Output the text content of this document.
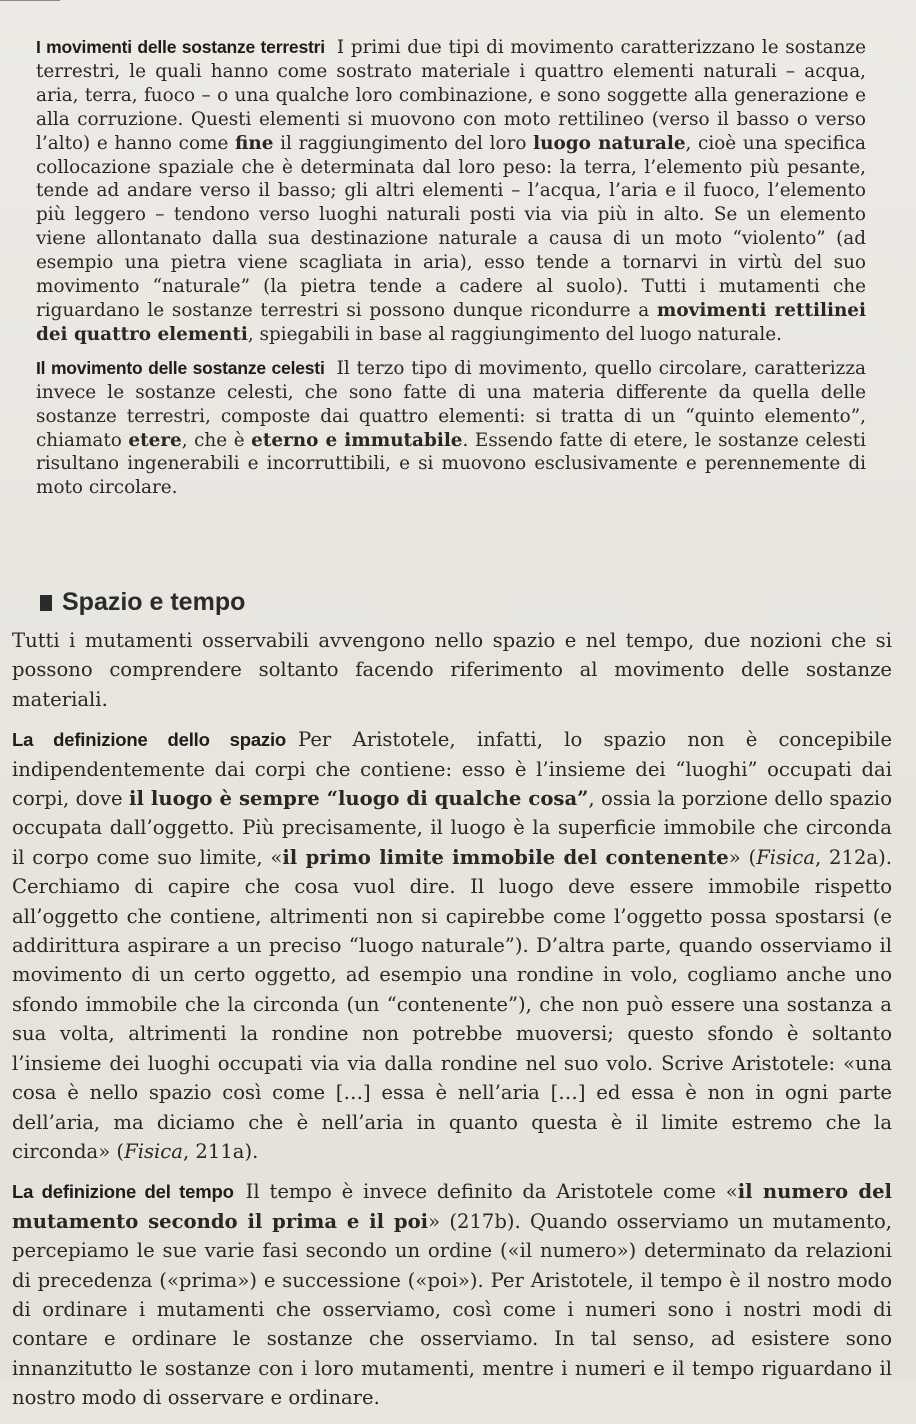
I movimenti delle sostanze terrestri I primi due tipi di movimento caratterizzano le sostanze terrestri, le quali hanno come sostrato materiale i quattro elementi naturali – acqua, aria, terra, fuoco – o una qualche loro combinazione, e sono soggette alla generazione e alla corruzione. Questi elementi si muovono con moto rettilineo (verso il basso o verso l’alto) e hanno come fine il raggiungimento del loro luogo naturale, cioè una specifica collocazione spaziale che è determinata dal loro peso: la terra, l’elemento più pesante, tende ad andare verso il basso; gli altri elementi – l’acqua, l’aria e il fuoco, l’elemento più leggero – tendono verso luoghi naturali posti via via più in alto. Se un elemento viene allontanato dalla sua destinazione naturale a causa di un moto “violento” (ad esempio una pietra viene scagliata in aria), esso tende a tornarvi in virtù del suo movimento “naturale” (la pietra tende a cadere al suolo). Tutti i mutamenti che riguardano le sostanze terrestri si possono dunque ricondurre a movimenti rettilinei dei quattro elementi, spiegabili in base al raggiungimento del luogo naturale.

Il movimento delle sostanze celesti Il terzo tipo di movimento, quello circolare, caratterizza invece le sostanze celesti, che sono fatte di una materia differente da quella delle sostanze terrestri, composte dai quattro elementi: si tratta di un “quinto elemento”, chiamato etere, che è eterno e immutabile. Essendo fatte di etere, le sostanze celesti risultano ingenerabili e incorruttibili, e si muovono esclusivamente e perennemente di moto circolare.

Spazio e tempo

Tutti i mutamenti osservabili avvengono nello spazio e nel tempo, due nozioni che si possono comprendere soltanto facendo riferimento al movimento delle sostanze materiali.

La definizione dello spazio Per Aristotele, infatti, lo spazio non è concepibile indipendentemente dai corpi che contiene: esso è l’insieme dei “luoghi” occupati dai corpi, dove il luogo è sempre “luogo di qualche cosa”, ossia la porzione dello spazio occupata dall’oggetto. Più precisamente, il luogo è la superficie immobile che circonda il corpo come suo limite, «il primo limite immobile del contenente» (Fisica, 212a). Cerchiamo di capire che cosa vuol dire. Il luogo deve essere immobile rispetto all’oggetto che contiene, altrimenti non si capirebbe come l’oggetto possa spostarsi (e addirittura aspirare a un preciso “luogo naturale”). D’altra parte, quando osserviamo il movimento di un certo oggetto, ad esempio una rondine in volo, cogliamo anche uno sfondo immobile che la circonda (un “contenente”), che non può essere una sostanza a sua volta, altrimenti la rondine non potrebbe muoversi; questo sfondo è soltanto l’insieme dei luoghi occupati via via dalla rondine nel suo volo. Scrive Aristotele: «una cosa è nello spazio così come […] essa è nell’aria […] ed essa è non in ogni parte dell’aria, ma diciamo che è nell’aria in quanto questa è il limite estremo che la circonda» (Fisica, 211a).

La definizione del tempo Il tempo è invece definito da Aristotele come «il numero del mutamento secondo il prima e il poi» (217b). Quando osserviamo un mutamento, percepiamo le sue varie fasi secondo un ordine («il numero») determinato da relazioni di precedenza («prima») e successione («poi»). Per Aristotele, il tempo è il nostro modo di ordinare i mutamenti che osserviamo, così come i numeri sono i nostri modi di contare e ordinare le sostanze che osserviamo. In tal senso, ad esistere sono innanzitutto le sostanze con i loro mutamenti, mentre i numeri e il tempo riguardano il nostro modo di osservare e ordinare.
